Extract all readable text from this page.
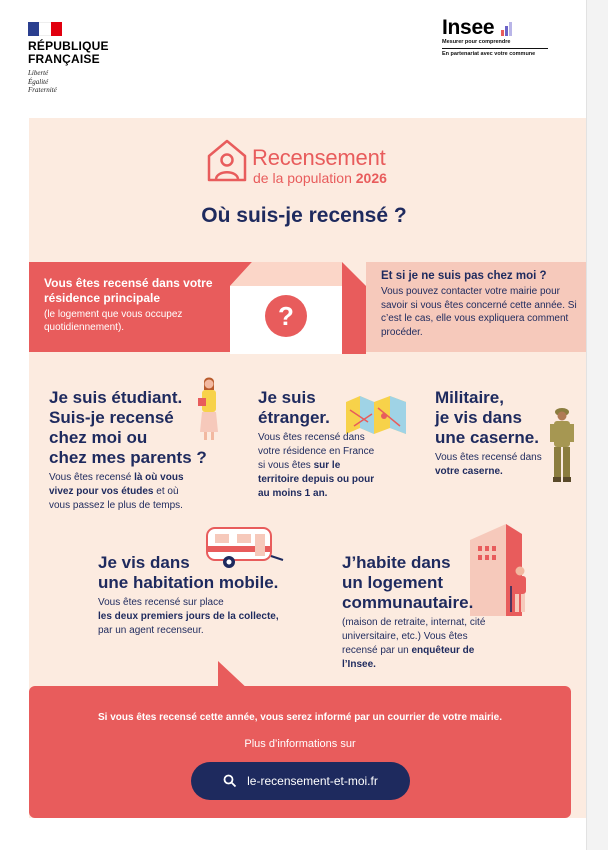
RÉPUBLIQUE
FRANÇAISE
Liberté
Égalité
Fraternité
Insee
Mesurer pour comprendre
En partenariat avec votre commune
Recensement
de la population 2026
Où suis-je recensé ?
?
Vous êtes recensé dans votre résidence principale
(le logement que vous occupez quotidiennement).
Et si je ne suis pas chez moi ?
Vous pouvez contacter votre mairie pour savoir si vous êtes concerné cette année. Si c’est le cas, elle vous expliquera comment procéder.
Je suis étudiant.
Suis-je recensé
chez moi ou
chez mes parents ?
Vous êtes recensé là où vous vivez pour vos études et où vous passez le plus de temps.
Je suis
étranger.
Vous êtes recensé dans votre résidence en France si vous êtes sur le territoire depuis ou pour au moins 1 an.
Militaire,
je vis dans
une caserne.
Vous êtes recensé dans votre caserne.
Je vis dans
une habitation mobile.
Vous êtes recensé sur place
les deux premiers jours de la collecte,
par un agent recenseur.
J’habite dans
un logement
communautaire.
(maison de retraite, internat, cité universitaire, etc.) Vous êtes recensé par un enquêteur de l’Insee.
Si vous êtes recensé cette année, vous serez informé par un courrier de votre mairie.
Plus d’informations sur
le-recensement-et-moi.fr
